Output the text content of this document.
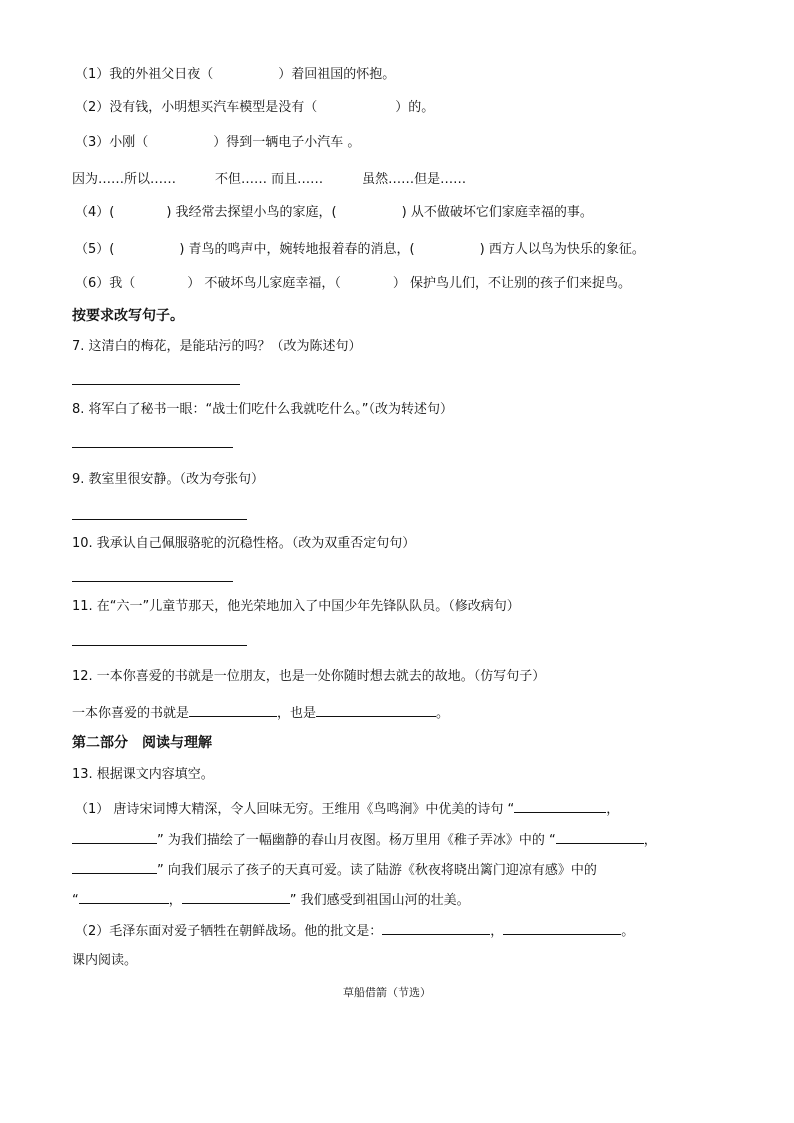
（1）我的外祖父日夜（　　　　　）着回祖国的怀抱。
（2）没有钱，小明想买汽车模型是没有（　　　　　　）的。
（3）小刚（　　　　　）得到一辆电子小汽车 。
因为……所以……　　　不但…… 而且……　　　虽然……但是……
（4）(　　　　) 我经常去探望小鸟的家庭，(　　　　　) 从不做破坏它们家庭幸福的事。
（5）(　　　　　) 青鸟的鸣声中，婉转地报着春的消息，(　　　　　) 西方人以鸟为快乐的象征。
（6）我（　　　　） 不破坏鸟儿家庭幸福，（　　　　） 保护鸟儿们，不让别的孩子们来捉鸟。
按要求改写句子。
7. 这清白的梅花，是能玷污的吗？（改为陈述句）
8. 将军白了秘书一眼：“战士们吃什么我就吃什么。”（改为转述句）
9. 教室里很安静。（改为夸张句）
10. 我承认自己佩服骆驼的沉稳性格。（改为双重否定句句）
11. 在“六一”儿童节那天，他光荣地加入了中国少年先锋队队员。（修改病句）
12. 一本你喜爱的书就是一位朋友，也是一处你随时想去就去的故地。（仿写句子）
一本你喜爱的书就是	，也是	。
第二部分　阅读与理解
13. 根据课文内容填空。
（1） 唐诗宋词博大精深，令人回味无穷。王维用《鸟鸣涧》中优美的诗句 “	，
” 为我们描绘了一幅幽静的春山月夜图。杨万里用《稚子弄冰》中的 “	，
” 向我们展示了孩子的天真可爱。读了陆游《秋夜将晓出篱门迎凉有感》中的
“	，	” 我们感受到祖国山河的壮美。
（2）毛泽东面对爱子牺牲在朝鲜战场。他的批文是：	，	。
课内阅读。
草船借箭（节选）
